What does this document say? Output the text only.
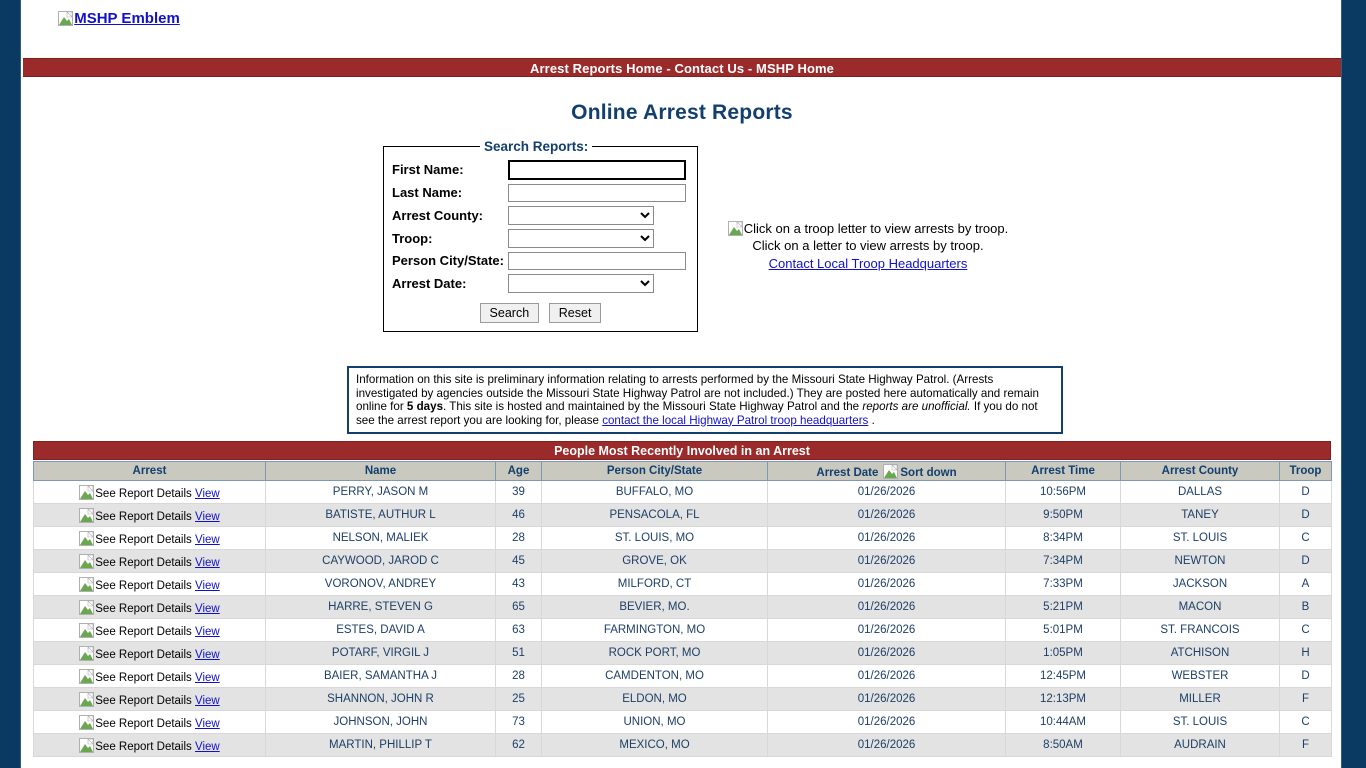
MSHP Emblem
Arrest Reports Home - Contact Us - MSHP Home
Online Arrest Reports
Search Reports:
First Name:	
Last Name:	
Arrest County:	

Troop:	

Person City/State:	
Arrest Date:	
Search Reset
Click on a troop letter to view arrests by troop.
Click on a letter to view arrests by troop.
Contact Local Troop Headquarters
Information on this site is preliminary information relating to arrests performed by the Missouri State Highway Patrol. (Arrests investigated by agencies outside the Missouri State Highway Patrol are not included.) They are posted here automatically and remain online for 5 days. This site is hosted and maintained by the Missouri State Highway Patrol and the reports are unofficial. If you do not see the arrest report you are looking for, please contact the local Highway Patrol troop headquarters .
People Most Recently Involved in an Arrest
Arrest	Name	Age	Person City/State	Arrest Date Sort down	Arrest Time	Arrest County	Troop

See Report Details View	PERRY, JASON M	39	BUFFALO, MO	01/26/2026	10:56PM	DALLAS	D

See Report Details View	BATISTE, AUTHUR L	46	PENSACOLA, FL	01/26/2026	9:50PM	TANEY	D

See Report Details View	NELSON, MALIEK	28	ST. LOUIS, MO	01/26/2026	8:34PM	ST. LOUIS	C

See Report Details View	CAYWOOD, JAROD C	45	GROVE, OK	01/26/2026	7:34PM	NEWTON	D

See Report Details View	VORONOV, ANDREY	43	MILFORD, CT	01/26/2026	7:33PM	JACKSON	A

See Report Details View	HARRE, STEVEN G	65	BEVIER, MO.	01/26/2026	5:21PM	MACON	B

See Report Details View	ESTES, DAVID A	63	FARMINGTON, MO	01/26/2026	5:01PM	ST. FRANCOIS	C

See Report Details View	POTARF, VIRGIL J	51	ROCK PORT, MO	01/26/2026	1:05PM	ATCHISON	H

See Report Details View	BAIER, SAMANTHA J	28	CAMDENTON, MO	01/26/2026	12:45PM	WEBSTER	D

See Report Details View	SHANNON, JOHN R	25	ELDON, MO	01/26/2026	12:13PM	MILLER	F

See Report Details View	JOHNSON, JOHN	73	UNION, MO	01/26/2026	10:44AM	ST. LOUIS	C

See Report Details View	MARTIN, PHILLIP T	62	MEXICO, MO	01/26/2026	8:50AM	AUDRAIN	F
